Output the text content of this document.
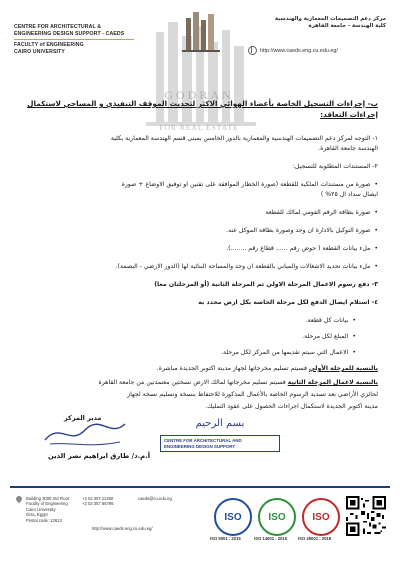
GODRAN
FOR REAL ESTATE
CENTRE FOR ARCHITECTURAL &
ENGINEERING DESIGN SUPPORT - CAEDS
FACULTY of ENGINEERING
CAIRO UNIVERSITY
مركز دعم التصميمات المعمارية والهندسية
كلية الهندسة - جامعة القاهرة
http://www.caeds.eng.cu.edu.eg/
ب- إجراءات التسجيل الخاصة بأعضاء الهوائي الاكثر لتحديث الموقف التنفيذي و المساحي لاستكمال إجراءات التعاقد:
١- التوجه لمركز دعم التصميمات الهندسية والمعمارية بالدور الخامس بمبنى قسم الهندسة المعمارية بكلية
الهندسة جامعة القاهرة.
٢- المستندات المطلوبة للتسجيل:
• صورة من مستندات الملكية للقطعة (صورة الخطار الموافقة على تقنين او توفيق الاوضاع + صورة
ايصال سداد ال ٢٥% )
• صورة بطاقة الرقم القومي لمالك للقطعة
• صورة التوكيل بالادارة ان وجد وصورة بطاقة الموكل عنه.
• ملء بيانات القطعة ( حوض رقم ...... قطاع رقم ........).
• ملء بيانات تحديد الاشغالات والمباني بالقطعة ان وجد والمساحة البنائية لها (الدور الارضي - البصمة).
٣- دفع رسوم الاعمال المرحلة الاولي ثم المرحلة الثانية (أو المرحلتان معا)
٤- استلام ايصال الدفع لكل مرحلة الخاصة بكل ارض محدد به
• بيانات كل قطعة.
• المبلغ لكل مرحلة.
• الاعمال التي سيتم تقديمها من المركز لكل مرحلة.
بالنسبة للمرحلة الأولي فسيتم تسليم مخرجاتها لجهاز مدينة اكتوبر الجديدة مباشرة.
بالنسبة لاعمال المرحلة الثانية فسيتم تسليم مخرجاتها لمالك الارض نسختين معتمدتين من جامعة القاهرة
لحائزي الأراضي بعد تسديد الرسوم الخاصة بالأعمال المذكورة للاحتفاظ بنسخة وتسليم نسخة لجهاز
مدينة اكتوبر الجديدة لاستكمال اجراءات الحصول على عقود التمليك.
مدير المركز
أ.م.د/ طارق ابراهيم نصر الدين
بسم الرحيم
CENTRE FOR ARCHITECTURAL AND
ENGINEERING DESIGN SUPPORT
Building 3000 3rd Floor
Faculty of Engineering
Cairo University
Giza, Egypt
Postal code: 12613
+2 02 357 11360
+2 02 357 66796
caeds@cu.edu.eg
http://www.caeds.eng.cu.edu.eg/
ISO
ISO 9001 : 2015
ISO
ISO 14001 : 2015
ISO
ISO 45001 : 2018
